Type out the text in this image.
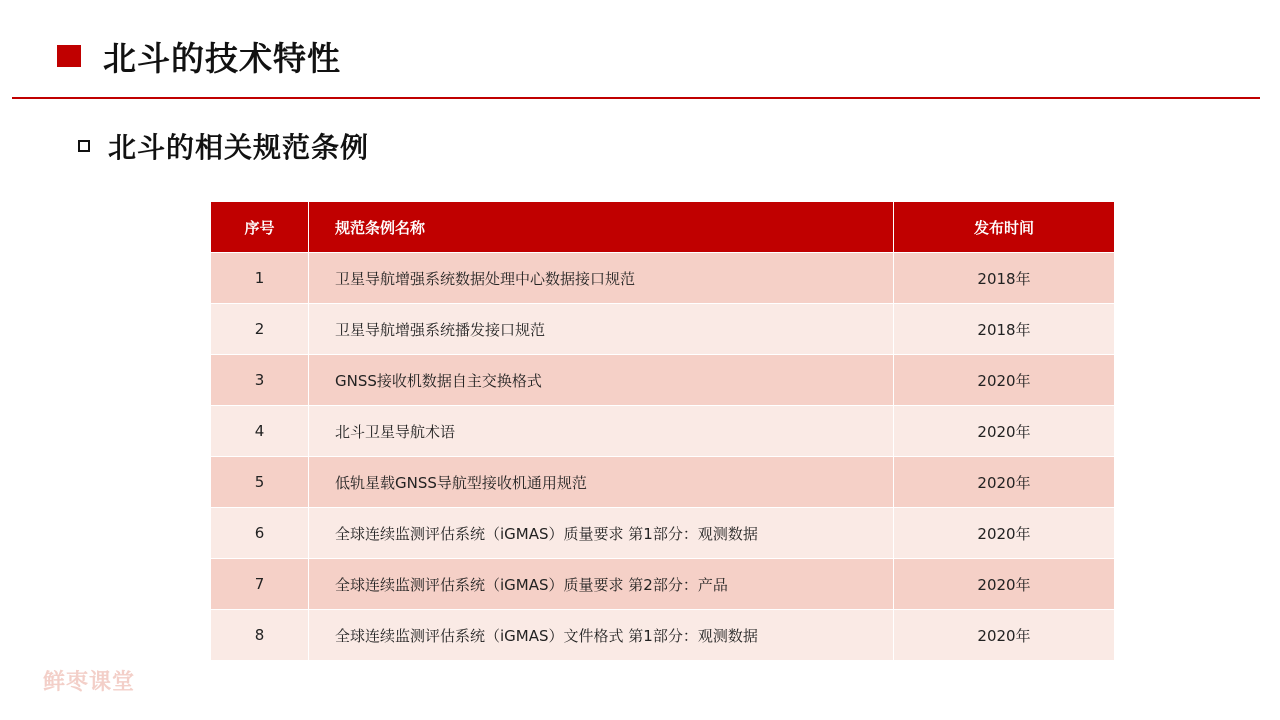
北斗的技术特性
北斗的相关规范条例
序号	规范条例名称	发布时间
1	卫星导航增强系统数据处理中心数据接口规范	2018年
2	卫星导航增强系统播发接口规范	2018年
3	GNSS接收机数据自主交换格式	2020年
4	北斗卫星导航术语	2020年
5	低轨星载GNSS导航型接收机通用规范	2020年
6	全球连续监测评估系统（iGMAS）质量要求 第1部分：观测数据	2020年
7	全球连续监测评估系统（iGMAS）质量要求 第2部分：产品	2020年
8	全球连续监测评估系统（iGMAS）文件格式 第1部分：观测数据	2020年
鲜枣课堂
